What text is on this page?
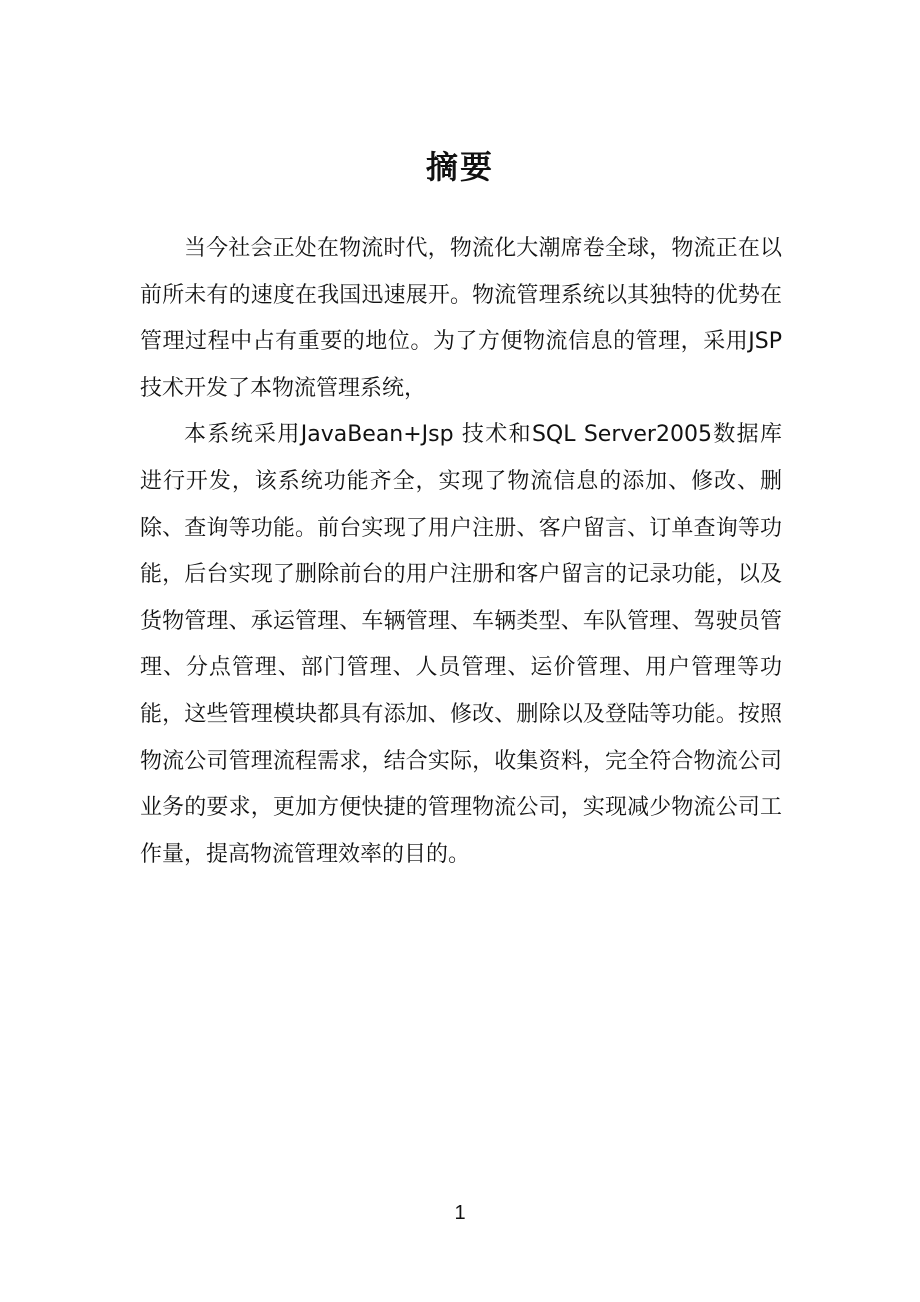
摘要

当今社会正处在物流时代，物流化大潮席卷全球，物流正在以前所未有的速度在我国迅速展开。物流管理系统以其独特的优势在管理过程中占有重要的地位。为了方便物流信息的管理，采用JSP技术开发了本物流管理系统，

本系统采用JavaBean+Jsp 技术和SQL Server2005数据库进行开发，该系统功能齐全，实现了物流信息的添加、修改、删除、查询等功能。前台实现了用户注册、客户留言、订单查询等功能，后台实现了删除前台的用户注册和客户留言的记录功能，以及货物管理、承运管理、车辆管理、车辆类型、车队管理、驾驶员管理、分点管理、部门管理、人员管理、运价管理、用户管理等功能，这些管理模块都具有添加、修改、删除以及登陆等功能。按照物流公司管理流程需求，结合实际，收集资料，完全符合物流公司业务的要求，更加方便快捷的管理物流公司，实现减少物流公司工作量，提高物流管理效率的目的。

1
